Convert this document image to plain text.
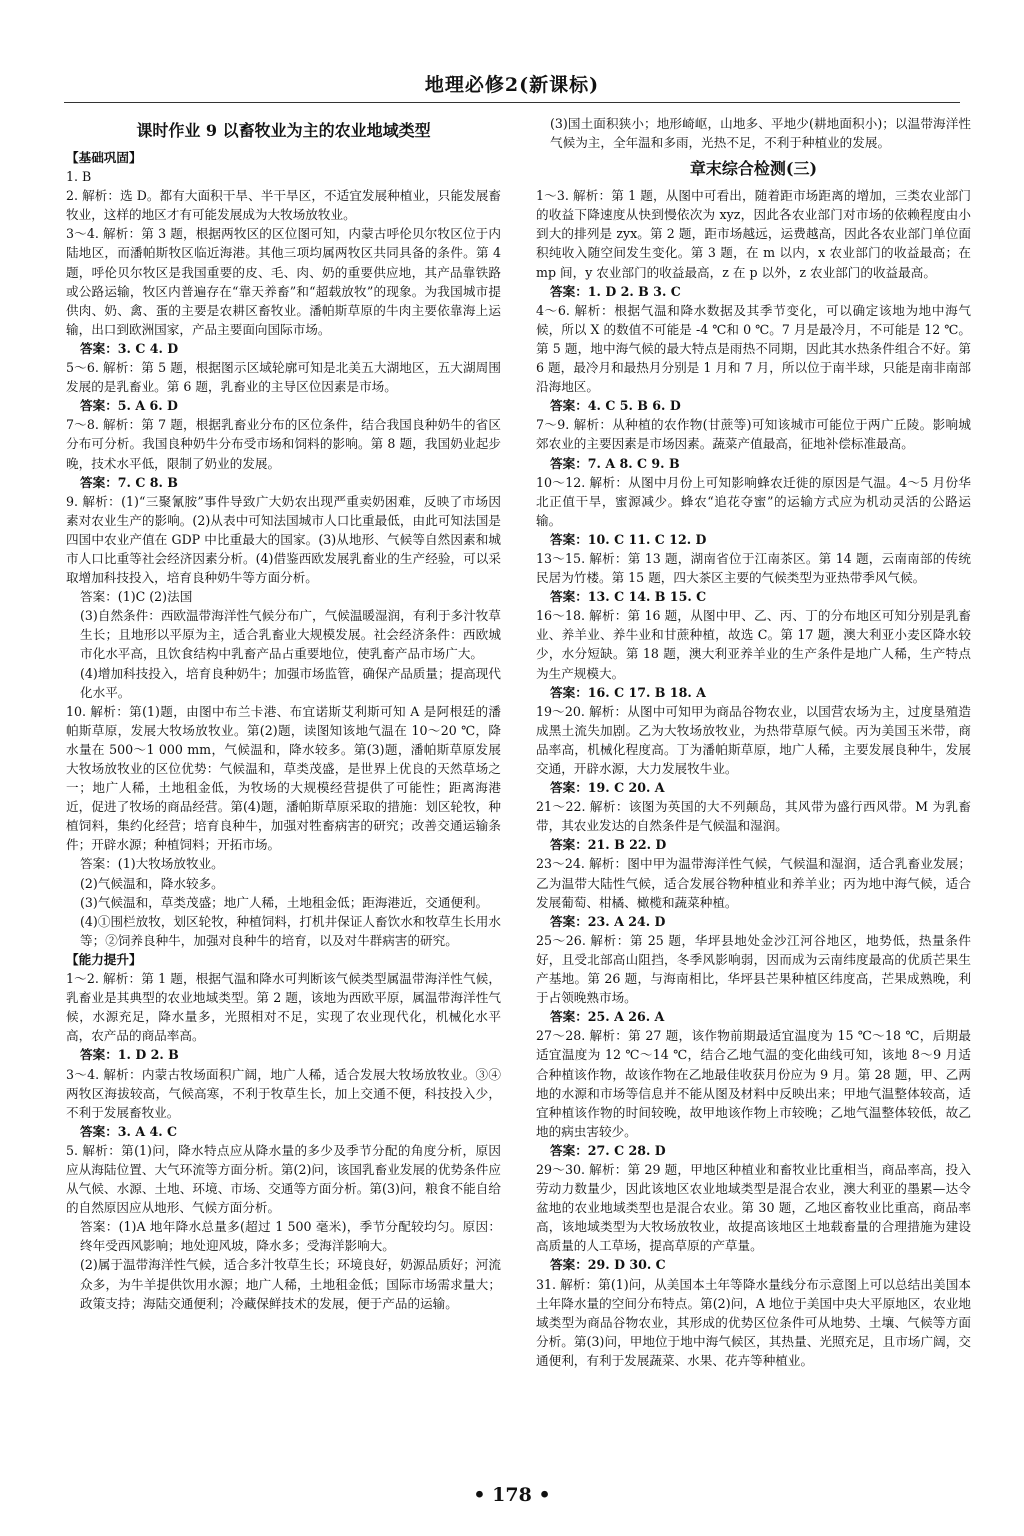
地理必修2(新课标)
课时作业 9 以畜牧业为主的农业地域类型

【基础巩固】

1. B

2. 解析：选 D。都有大面积干旱、半干旱区，不适宜发展种植业，只能发展畜牧业，这样的地区才有可能发展成为大牧场放牧业。

3～4. 解析：第 3 题，根据两牧区的区位图可知，内蒙古呼伦贝尔牧区位于内陆地区，而潘帕斯牧区临近海港。其他三项均属两牧区共同具备的条件。第 4 题，呼伦贝尔牧区是我国重要的皮、毛、肉、奶的重要供应地，其产品靠铁路或公路运输，牧区内普遍存在“靠天养畜”和“超载放牧”的现象。为我国城市提供肉、奶、禽、蛋的主要是农耕区畜牧业。潘帕斯草原的牛肉主要依靠海上运输，出口到欧洲国家，产品主要面向国际市场。

答案：3. C 4. D

5～6. 解析：第 5 题，根据图示区域轮廓可知是北美五大湖地区，五大湖周围发展的是乳畜业。第 6 题，乳畜业的主导区位因素是市场。

答案：5. A 6. D

7～8. 解析：第 7 题，根据乳畜业分布的区位条件，结合我国良种奶牛的省区分布可分析。我国良种奶牛分布受市场和饲料的影响。第 8 题，我国奶业起步晚，技术水平低，限制了奶业的发展。

答案：7. C 8. B

9. 解析：(1)“三聚氰胺”事件导致广大奶农出现严重卖奶困难，反映了市场因素对农业生产的影响。(2)从表中可知法国城市人口比重最低，由此可知法国是四国中农业产值在 GDP 中比重最大的国家。(3)从地形、气候等自然因素和城市人口比重等社会经济因素分析。(4)借鉴西欧发展乳畜业的生产经验，可以采取增加科技投入，培育良种奶牛等方面分析。

答案：(1)C (2)法国

(3)自然条件：西欧温带海洋性气候分布广，气候温暖湿润，有利于多汁牧草生长；且地形以平原为主，适合乳畜业大规模发展。社会经济条件：西欧城市化水平高，且饮食结构中乳畜产品占重要地位，使乳畜产品市场广大。

(4)增加科技投入，培育良种奶牛；加强市场监管，确保产品质量；提高现代化水平。

10. 解析：第(1)题，由图中布兰卡港、布宜诺斯艾利斯可知 A 是阿根廷的潘帕斯草原，发展大牧场放牧业。第(2)题，读图知该地气温在 10～20 ℃，降水量在 500～1 000 mm，气候温和，降水较多。第(3)题，潘帕斯草原发展大牧场放牧业的区位优势：气候温和，草类茂盛，是世界上优良的天然草场之一；地广人稀，土地租金低，为牧场的大规模经营提供了可能性；距离海港近，促进了牧场的商品经营。第(4)题，潘帕斯草原采取的措施：划区轮牧，种植饲料，集约化经营；培育良种牛，加强对牲畜病害的研究；改善交通运输条件；开辟水源；种植饲料；开拓市场。

答案：(1)大牧场放牧业。

(2)气候温和，降水较多。

(3)气候温和，草类茂盛；地广人稀，土地租金低；距海港近，交通便利。

(4)①围栏放牧，划区轮牧，种植饲料，打机井保证人畜饮水和牧草生长用水等；②饲养良种牛，加强对良种牛的培育，以及对牛群病害的研究。

【能力提升】

1～2. 解析：第 1 题，根据气温和降水可判断该气候类型属温带海洋性气候，乳畜业是其典型的农业地域类型。第 2 题，该地为西欧平原，属温带海洋性气候，水源充足，降水量多，光照相对不足，实现了农业现代化，机械化水平高，农产品的商品率高。

答案：1. D 2. B

3～4. 解析：内蒙古牧场面积广阔，地广人稀，适合发展大牧场放牧业。③④两牧区海拔较高，气候高寒，不利于牧草生长，加上交通不便，科技投入少，不利于发展畜牧业。

答案：3. A 4. C

5. 解析：第(1)问，降水特点应从降水量的多少及季节分配的角度分析，原因应从海陆位置、大气环流等方面分析。第(2)问，该国乳畜业发展的优势条件应从气候、水源、土地、环境、市场、交通等方面分析。第(3)问，粮食不能自给的自然原因应从地形、气候方面分析。

答案：(1)A 地年降水总量多(超过 1 500 毫米)，季节分配较均匀。原因：终年受西风影响；地处迎风坡，降水多；受海洋影响大。

(2)属于温带海洋性气候，适合多汁牧草生长；环境良好，奶源品质好；河流众多，为牛羊提供饮用水源；地广人稀，土地租金低；国际市场需求量大；政策支持；海陆交通便利；冷藏保鲜技术的发展，便于产品的运输。

(3)国土面积狭小；地形崎岖，山地多、平地少(耕地面积小)；以温带海洋性气候为主，全年温和多雨，光热不足，不利于种植业的发展。

章末综合检测(三)

1～3. 解析：第 1 题，从图中可看出，随着距市场距离的增加，三类农业部门的收益下降速度从快到慢依次为 xyz，因此各农业部门对市场的依赖程度由小到大的排列是 zyx。第 2 题，距市场越远，运费越高，因此各农业部门单位面积纯收入随空间发生变化。第 3 题，在 m 以内，x 农业部门的收益最高；在 mp 间，y 农业部门的收益最高，z 在 p 以外，z 农业部门的收益最高。

答案：1. D 2. B 3. C

4～6. 解析：根据气温和降水数据及其季节变化，可以确定该地为地中海气候，所以 X 的数值不可能是 -4 ℃和 0 ℃。7 月是最冷月，不可能是 12 ℃。第 5 题，地中海气候的最大特点是雨热不同期，因此其水热条件组合不好。第 6 题，最冷月和最热月分别是 1 月和 7 月，所以位于南半球，只能是南非南部沿海地区。

答案：4. C 5. B 6. D

7～9. 解析：从种植的农作物(甘蔗等)可知该城市可能位于两广丘陵。影响城郊农业的主要因素是市场因素。蔬菜产值最高，征地补偿标准最高。

答案：7. A 8. C 9. B

10～12. 解析：从图中月份上可知影响蜂农迁徙的原因是气温。4～5 月份华北正值干旱，蜜源减少。蜂农“追花夺蜜”的运输方式应为机动灵活的公路运输。

答案：10. C 11. C 12. D

13～15. 解析：第 13 题，湖南省位于江南茶区。第 14 题，云南南部的传统民居为竹楼。第 15 题，四大茶区主要的气候类型为亚热带季风气候。

答案：13. C 14. B 15. C

16～18. 解析：第 16 题，从图中甲、乙、丙、丁的分布地区可知分别是乳畜业、养羊业、养牛业和甘蔗种植，故选 C。第 17 题，澳大利亚小麦区降水较少，水分短缺。第 18 题，澳大利亚养羊业的生产条件是地广人稀，生产特点为生产规模大。

答案：16. C 17. B 18. A

19～20. 解析：从图中可知甲为商品谷物农业，以国营农场为主，过度垦殖造成黑土流失加剧。乙为大牧场放牧业，为热带草原气候。丙为美国玉米带，商品率高，机械化程度高。丁为潘帕斯草原，地广人稀，主要发展良种牛，发展交通，开辟水源，大力发展牧牛业。

答案：19. C 20. A

21～22. 解析：该图为英国的大不列颠岛，其风带为盛行西风带。M 为乳畜带，其农业发达的自然条件是气候温和湿润。

答案：21. B 22. D

23～24. 解析：图中甲为温带海洋性气候，气候温和湿润，适合乳畜业发展；乙为温带大陆性气候，适合发展谷物种植业和养羊业；丙为地中海气候，适合发展葡萄、柑橘、橄榄和蔬菜种植。

答案：23. A 24. D

25～26. 解析：第 25 题，华坪县地处金沙江河谷地区，地势低，热量条件好，且受北部高山阻挡，冬季风影响弱，因而成为云南纬度最高的优质芒果生产基地。第 26 题，与海南相比，华坪县芒果种植区纬度高，芒果成熟晚，利于占领晚熟市场。

答案：25. A 26. A

27～28. 解析：第 27 题，该作物前期最适宜温度为 15 ℃～18 ℃，后期最适宜温度为 12 ℃～14 ℃，结合乙地气温的变化曲线可知，该地 8～9 月适合种植该作物，故该作物在乙地最佳收获月份应为 9 月。第 28 题，甲、乙两地的水源和市场等信息并不能从图及材料中反映出来；甲地气温整体较高，适宜种植该作物的时间较晚，故甲地该作物上市较晚；乙地气温整体较低，故乙地的病虫害较少。

答案：27. C 28. D

29～30. 解析：第 29 题，甲地区种植业和畜牧业比重相当，商品率高，投入劳动力数量少，因此该地区农业地域类型是混合农业，澳大利亚的墨累—达令盆地的农业地域类型也是混合农业。第 30 题，乙地区畜牧业比重高，商品率高，该地域类型为大牧场放牧业，故提高该地区土地载畜量的合理措施为建设高质量的人工草场，提高草原的产草量。

答案：29. D 30. C

31. 解析：第(1)问，从美国本土年等降水量线分布示意图上可以总结出美国本土年降水量的空间分布特点。第(2)问，A 地位于美国中央大平原地区，农业地域类型为商品谷物农业，其形成的优势区位条件可从地势、土壤、气候等方面分析。第(3)问，甲地位于地中海气候区，其热量、光照充足，且市场广阔，交通便利，有利于发展蔬菜、水果、花卉等种植业。

• 178 •
